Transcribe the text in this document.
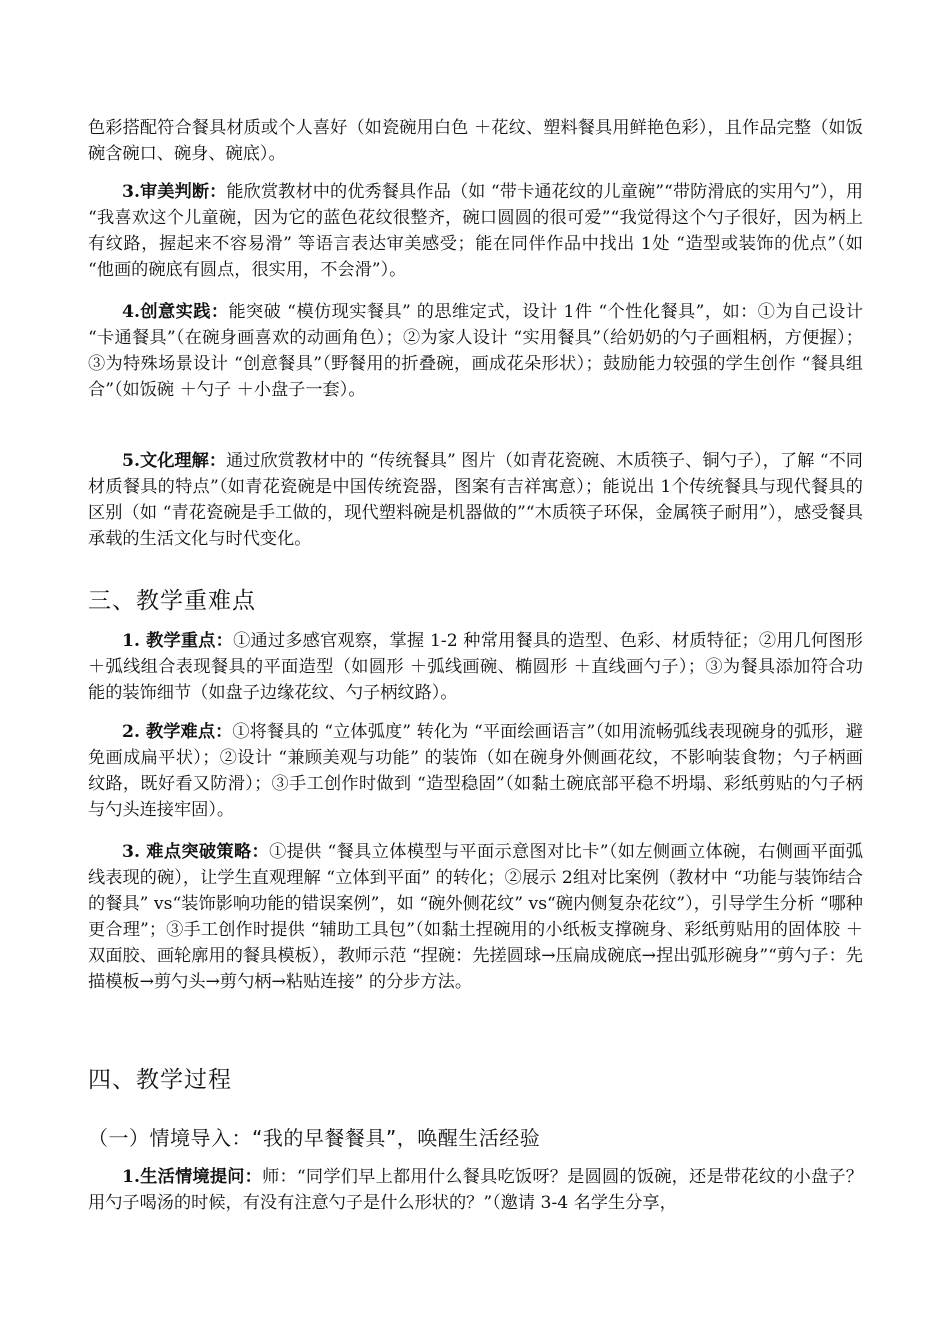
色彩搭配符合餐具材质或个人喜好（如瓷碗用白色 ＋花纹、塑料餐具用鲜艳色彩），且作品完整（如饭碗含碗口、碗身、碗底）。

3.审美判断：能欣赏教材中的优秀餐具作品（如 “带卡通花纹的儿童碗”“带防滑底的实用勺”），用 “我喜欢这个儿童碗，因为它的蓝色花纹很整齐，碗口圆圆的很可爱”“我觉得这个勺子很好，因为柄上有纹路，握起来不容易滑” 等语言表达审美感受；能在同伴作品中找出 1处 “造型或装饰的优点”（如 “他画的碗底有圆点，很实用，不会滑”）。

4.创意实践：能突破 “模仿现实餐具” 的思维定式，设计 1件 “个性化餐具”，如：①为自己设计 “卡通餐具”（在碗身画喜欢的动画角色）；②为家人设计 “实用餐具”（给奶奶的勺子画粗柄，方便握）；③为特殊场景设计 “创意餐具”（野餐用的折叠碗，画成花朵形状）；鼓励能力较强的学生创作 “餐具组合”（如饭碗 ＋勺子 ＋小盘子一套）。

5.文化理解：通过欣赏教材中的 “传统餐具” 图片（如青花瓷碗、木质筷子、铜勺子），了解 “不同材质餐具的特点”（如青花瓷碗是中国传统瓷器，图案有吉祥寓意）；能说出 1个传统餐具与现代餐具的区别（如 “青花瓷碗是手工做的，现代塑料碗是机器做的”“木质筷子环保，金属筷子耐用”），感受餐具承载的生活文化与时代变化。

三、教学重难点

1. 教学重点：①通过多感官观察，掌握 1-2 种常用餐具的造型、色彩、材质特征；②用几何图形 ＋弧线组合表现餐具的平面造型（如圆形 ＋弧线画碗、椭圆形 ＋直线画勺子）；③为餐具添加符合功能的装饰细节（如盘子边缘花纹、勺子柄纹路）。

2. 教学难点：①将餐具的 “立体弧度” 转化为 “平面绘画语言”（如用流畅弧线表现碗身的弧形，避免画成扁平状）；②设计 “兼顾美观与功能” 的装饰（如在碗身外侧画花纹，不影响装食物；勺子柄画纹路，既好看又防滑）；③手工创作时做到 “造型稳固”（如黏土碗底部平稳不坍塌、彩纸剪贴的勺子柄与勺头连接牢固）。

3. 难点突破策略：①提供 “餐具立体模型与平面示意图对比卡”（如左侧画立体碗，右侧画平面弧线表现的碗），让学生直观理解 “立体到平面” 的转化；②展示 2组对比案例（教材中 “功能与装饰结合的餐具” vs“装饰影响功能的错误案例”，如 “碗外侧花纹” vs“碗内侧复杂花纹”），引导学生分析 “哪种更合理”；③手工创作时提供 “辅助工具包”（如黏土捏碗用的小纸板支撑碗身、彩纸剪贴用的固体胶 ＋双面胶、画轮廓用的餐具模板），教师示范 “捏碗：先搓圆球→压扁成碗底→捏出弧形碗身”“剪勺子：先描模板→剪勺头→剪勺柄→粘贴连接” 的分步方法。

四、教学过程
（一）情境导入：“我的早餐餐具”，唤醒生活经验

1.生活情境提问：师：“同学们早上都用什么餐具吃饭呀？是圆圆的饭碗，还是带花纹的小盘子？用勺子喝汤的时候，有没有注意勺子是什么形状的？”（邀请 3-4 名学生分享，
